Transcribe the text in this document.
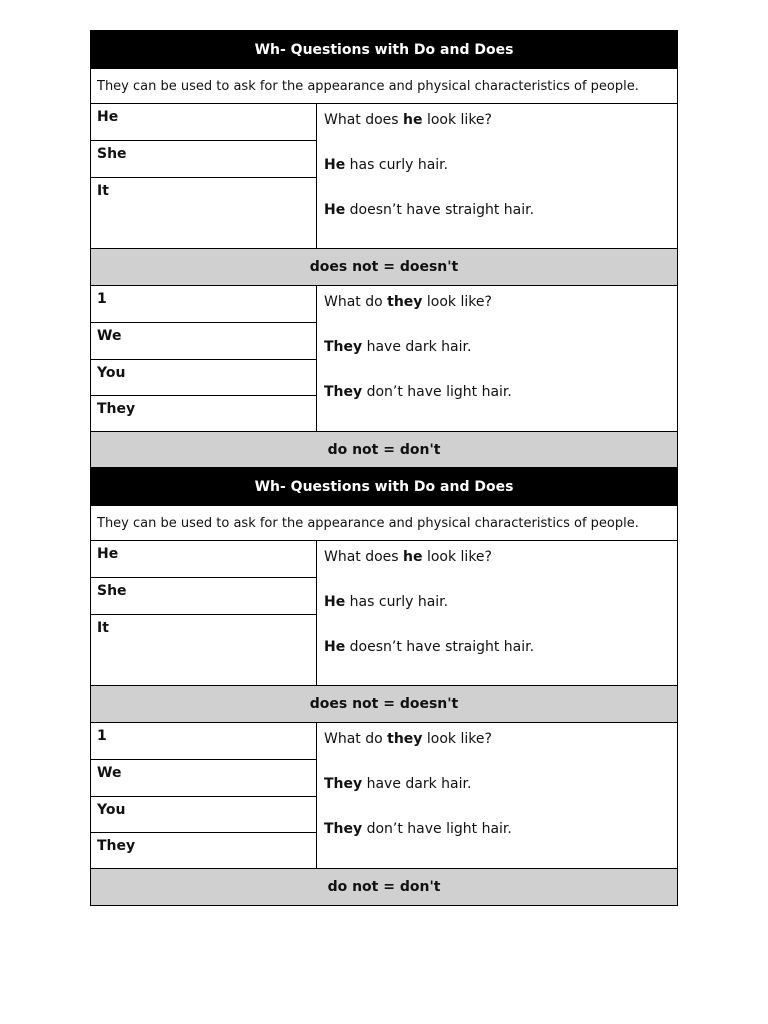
Wh- Questions with Do and Does
They can be used to ask for the appearance and physical characteristics of people.
He
She
It
What does he look like?
He has curly hair.
He doesn’t have straight hair.
does not = doesn't
1
We
You
They
What do they look like?
They have dark hair.
They don’t have light hair.
do not = don't
Wh- Questions with Do and Does
They can be used to ask for the appearance and physical characteristics of people.
He
She
It
What does he look like?
He has curly hair.
He doesn’t have straight hair.
does not = doesn't
1
We
You
They
What do they look like?
They have dark hair.
They don’t have light hair.
do not = don't
